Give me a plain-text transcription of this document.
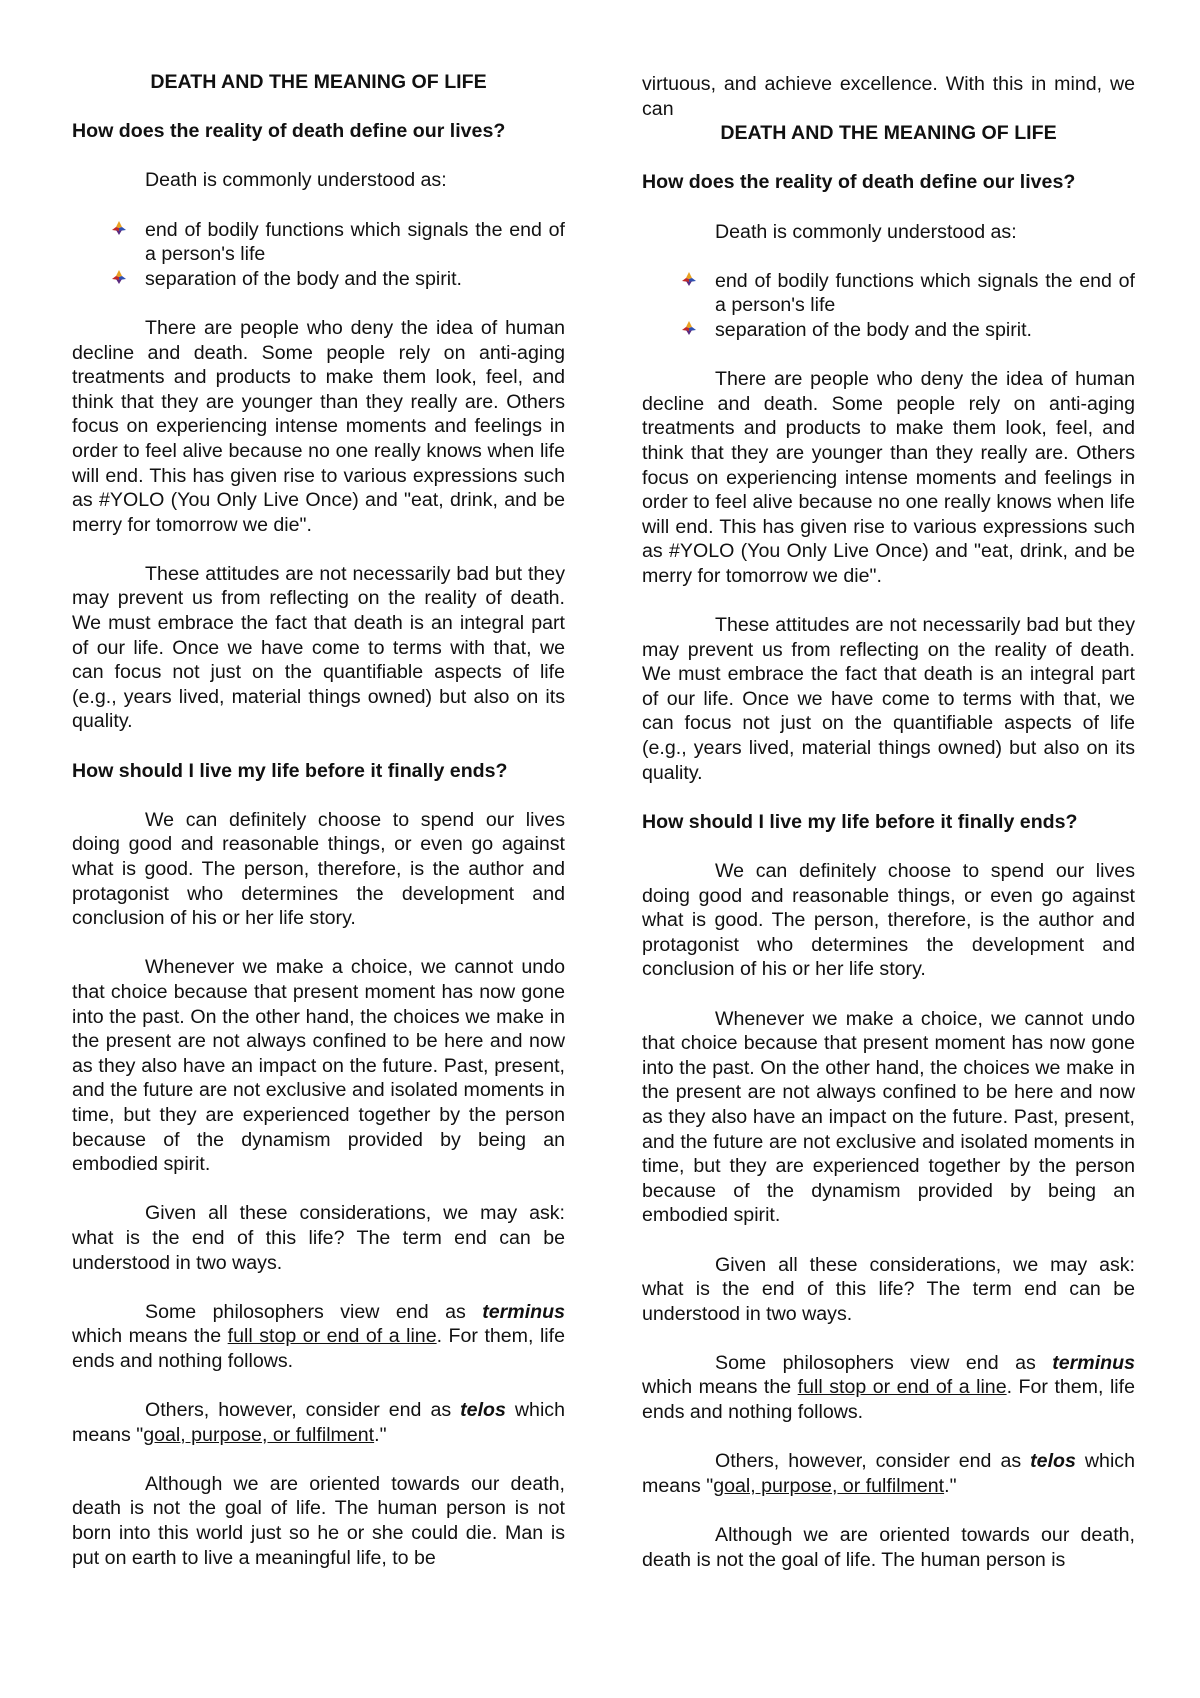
DEATH AND THE MEANING OF LIFE

How does the reality of death define our lives?

Death is commonly understood as:

end of bodily functions which signals the end of a person's life
separation of the body and the spirit.

There are people who deny the idea of human decline and death. Some people rely on anti-aging treatments and products to make them look, feel, and think that they are younger than they really are. Others focus on experiencing intense moments and feelings in order to feel alive because no one really knows when life will end. This has given rise to various expressions such as #YOLO (You Only Live Once) and "eat, drink, and be merry for tomorrow we die".

These attitudes are not necessarily bad but they may prevent us from reflecting on the reality of death. We must embrace the fact that death is an integral part of our life. Once we have come to terms with that, we can focus not just on the quantifiable aspects of life (e.g., years lived, material things owned) but also on its quality.

How should I live my life before it finally ends?

We can definitely choose to spend our lives doing good and reasonable things, or even go against what is good. The person, therefore, is the author and protagonist who determines the development and conclusion of his or her life story.

Whenever we make a choice, we cannot undo that choice because that present moment has now gone into the past. On the other hand, the choices we make in the present are not always confined to be here and now as they also have an impact on the future. Past, present, and the future are not exclusive and isolated moments in time, but they are experienced together by the person because of the dynamism provided by being an embodied spirit.

Given all these considerations, we may ask: what is the end of this life? The term end can be understood in two ways.

Some philosophers view end as terminus which means the full stop or end of a line. For them, life ends and nothing follows.

Others, however, consider end as telos which means "goal, purpose, or fulfilment."

Although we are oriented towards our death, death is not the goal of life. The human person is not born into this world just so he or she could die. Man is put on earth to live a meaningful life, to be

virtuous, and achieve excellence. With this in mind, we can

DEATH AND THE MEANING OF LIFE

How does the reality of death define our lives?

Death is commonly understood as:

end of bodily functions which signals the end of a person's life
separation of the body and the spirit.

There are people who deny the idea of human decline and death. Some people rely on anti-aging treatments and products to make them look, feel, and think that they are younger than they really are. Others focus on experiencing intense moments and feelings in order to feel alive because no one really knows when life will end. This has given rise to various expressions such as #YOLO (You Only Live Once) and "eat, drink, and be merry for tomorrow we die".

These attitudes are not necessarily bad but they may prevent us from reflecting on the reality of death. We must embrace the fact that death is an integral part of our life. Once we have come to terms with that, we can focus not just on the quantifiable aspects of life (e.g., years lived, material things owned) but also on its quality.

How should I live my life before it finally ends?

We can definitely choose to spend our lives doing good and reasonable things, or even go against what is good. The person, therefore, is the author and protagonist who determines the development and conclusion of his or her life story.

Whenever we make a choice, we cannot undo that choice because that present moment has now gone into the past. On the other hand, the choices we make in the present are not always confined to be here and now as they also have an impact on the future. Past, present, and the future are not exclusive and isolated moments in time, but they are experienced together by the person because of the dynamism provided by being an embodied spirit.

Given all these considerations, we may ask: what is the end of this life? The term end can be understood in two ways.

Some philosophers view end as terminus which means the full stop or end of a line. For them, life ends and nothing follows.

Others, however, consider end as telos which means "goal, purpose, or fulfilment."

Although we are oriented towards our death, death is not the goal of life. The human person is
